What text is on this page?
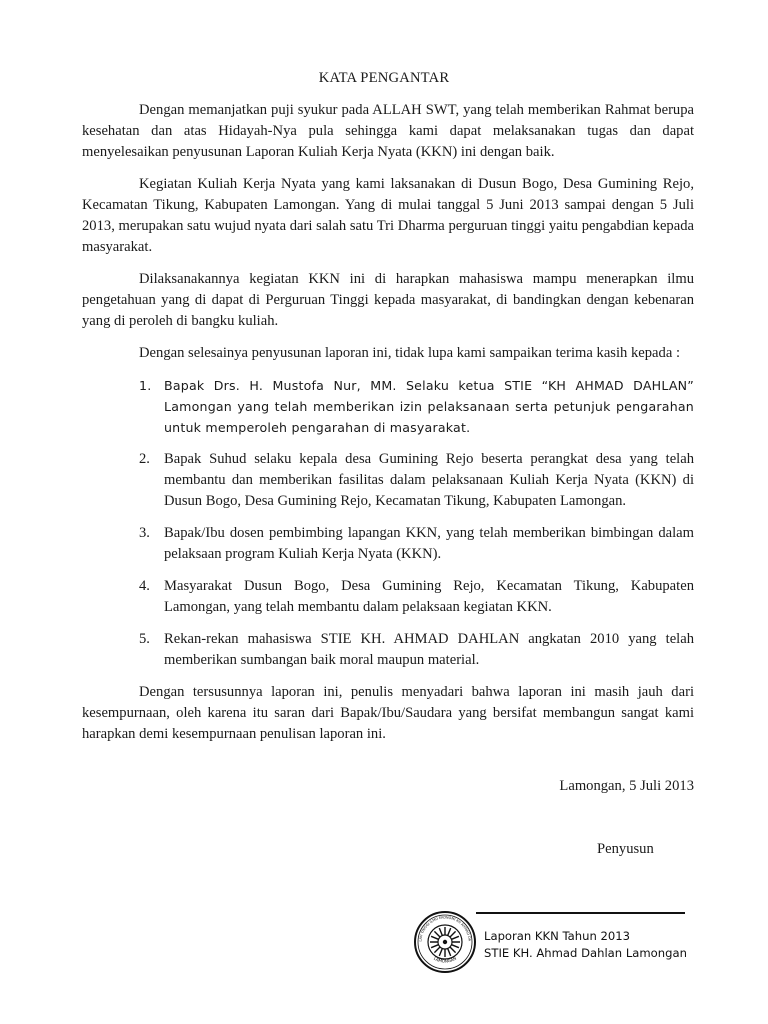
KATA PENGANTAR

Dengan memanjatkan puji syukur pada ALLAH SWT, yang telah memberikan Rahmat berupa kesehatan dan atas Hidayah-Nya pula sehingga kami dapat melaksanakan tugas dan dapat menyelesaikan penyusunan Laporan Kuliah Kerja Nyata (KKN) ini dengan baik.

Kegiatan Kuliah Kerja Nyata yang kami laksanakan di Dusun Bogo, Desa Gumining Rejo, Kecamatan Tikung, Kabupaten Lamongan. Yang di mulai tanggal 5 Juni 2013 sampai dengan 5 Juli 2013, merupakan satu wujud nyata dari salah satu Tri Dharma perguruan tinggi yaitu pengabdian kepada masyarakat.

Dilaksanakannya kegiatan KKN ini di harapkan mahasiswa mampu menerapkan ilmu pengetahuan yang di dapat di Perguruan Tinggi kepada masyarakat, di bandingkan dengan kebenaran yang di peroleh di bangku kuliah.

Dengan selesainya penyusunan laporan ini, tidak lupa kami sampaikan terima kasih kepada :

1. Bapak Drs. H. Mustofa Nur, MM. Selaku ketua STIE “KH AHMAD DAHLAN” Lamongan yang telah memberikan izin pelaksanaan serta petunjuk pengarahan untuk memperoleh pengarahan di masyarakat.
2. Bapak Suhud selaku kepala desa Gumining Rejo beserta perangkat desa yang telah membantu dan memberikan fasilitas dalam pelaksanaan Kuliah Kerja Nyata (KKN) di Dusun Bogo, Desa Gumining Rejo, Kecamatan Tikung, Kabupaten Lamongan.
3. Bapak/Ibu dosen pembimbing lapangan KKN, yang telah memberikan bimbingan dalam pelaksaan program Kuliah Kerja Nyata (KKN).
4. Masyarakat Dusun Bogo, Desa Gumining Rejo, Kecamatan Tikung, Kabupaten Lamongan, yang telah membantu dalam pelaksaan kegiatan KKN.
5. Rekan-rekan mahasiswa STIE KH. AHMAD DAHLAN angkatan 2010 yang telah memberikan sumbangan baik moral maupun material.

Dengan tersusunnya laporan ini, penulis menyadari bahwa laporan ini masih jauh dari kesempurnaan, oleh karena itu saran dari Bapak/Ibu/Saudara yang bersifat membangun sangat kami harapkan demi kesempurnaan penulisan laporan ini.

Lamongan, 5 Juli 2013
Penyusun
LAH TINGGI ILMU EKONOMI KH AHMAD DA
LAMONGAN
Laporan KKN Tahun 2013
STIE KH. Ahmad Dahlan Lamongan
